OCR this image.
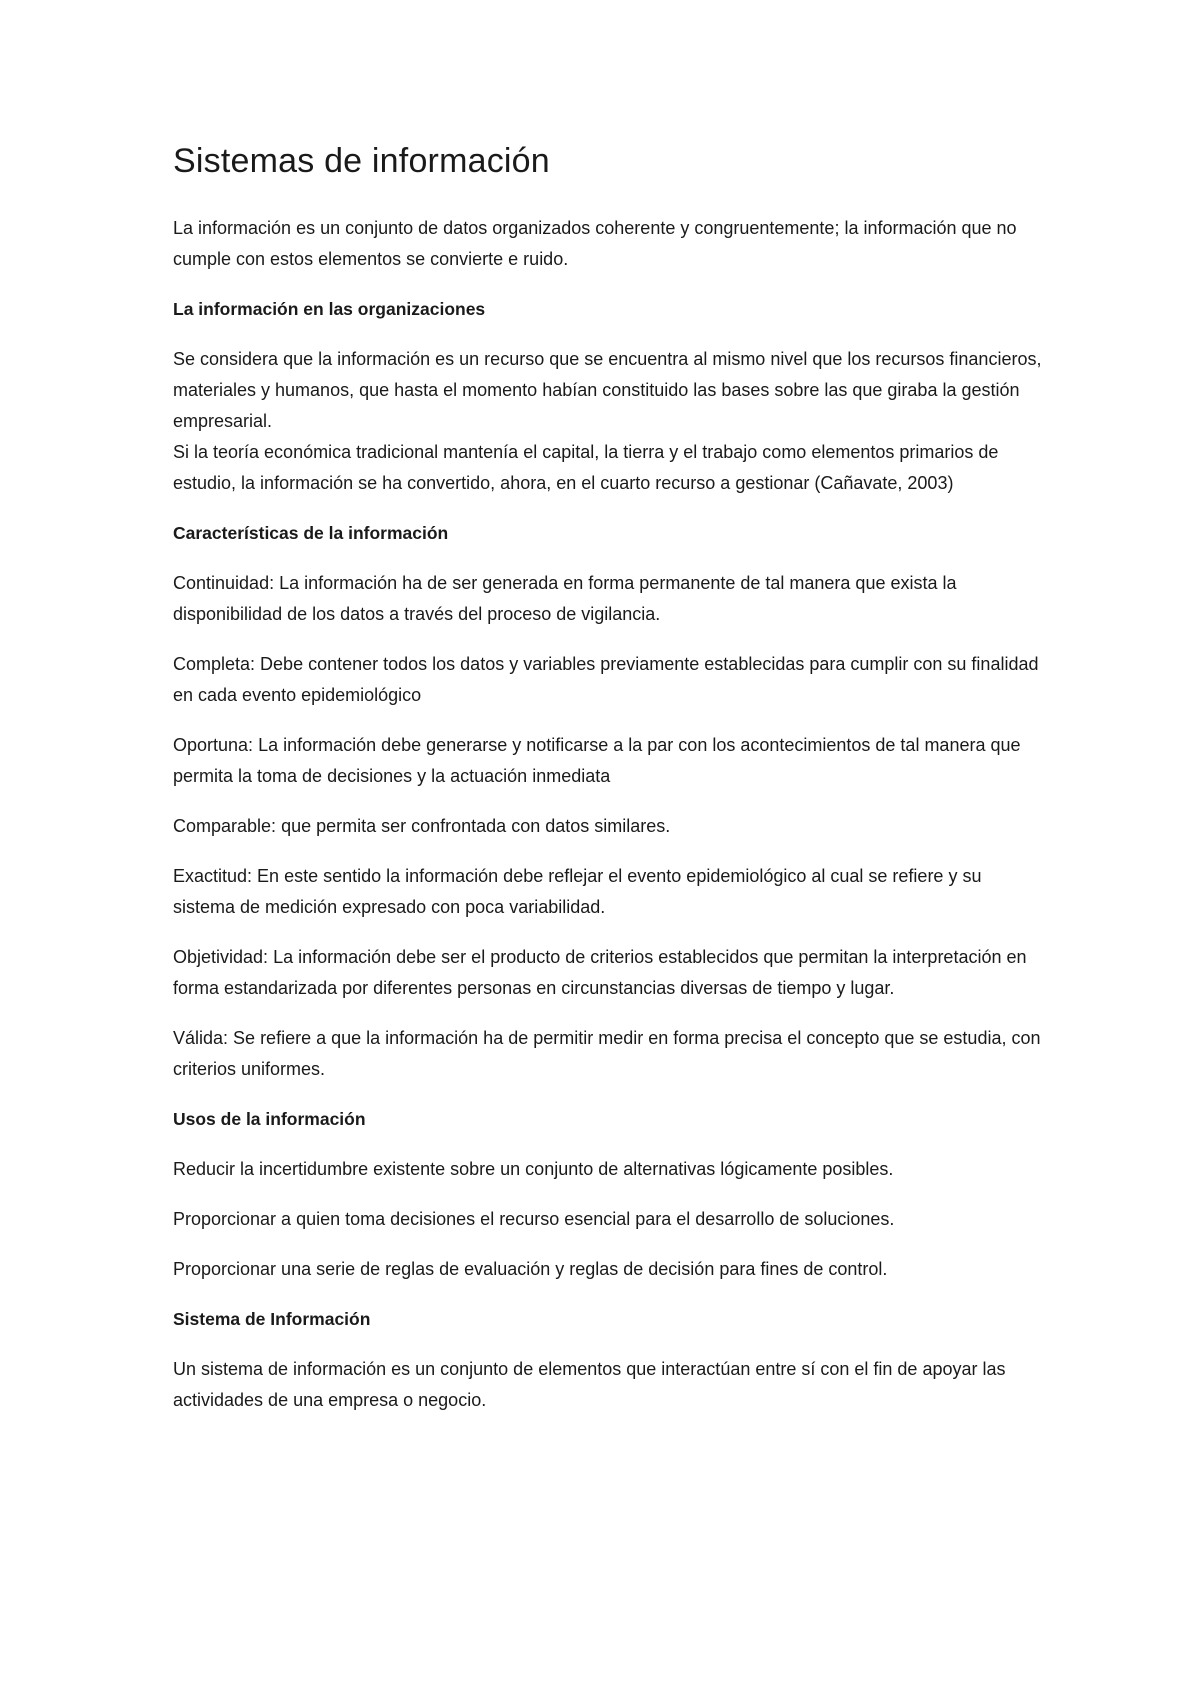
Sistemas de información

La información es un conjunto de datos organizados coherente y congruentemente; la información que no cumple con estos elementos se convierte e ruido.

La información en las organizaciones

Se considera que la información es un recurso que se encuentra al mismo nivel que los recursos financieros, materiales y humanos, que hasta el momento habían constituido las bases sobre las que giraba la gestión empresarial.

Si la teoría económica tradicional mantenía el capital, la tierra y el trabajo como elementos primarios de estudio, la información se ha convertido, ahora, en el cuarto recurso a gestionar (Cañavate, 2003)

Características de la información

Continuidad: La información ha de ser generada en forma permanente de tal manera que exista la disponibilidad de los datos a través del proceso de vigilancia.

Completa: Debe contener todos los datos y variables previamente establecidas para cumplir con su finalidad en cada evento epidemiológico

Oportuna: La información debe generarse y notificarse a la par con los acontecimientos de tal manera que permita la toma de decisiones y la actuación inmediata

Comparable: que permita ser confrontada con datos similares.

Exactitud: En este sentido la información debe reflejar el evento epidemiológico al cual se refiere y su sistema de medición expresado con poca variabilidad.

Objetividad: La información debe ser el producto de criterios establecidos que permitan la interpretación en forma estandarizada por diferentes personas en circunstancias diversas de tiempo y lugar.

Válida: Se refiere a que la información ha de permitir medir en forma precisa el concepto que se estudia, con criterios uniformes.

Usos de la información

Reducir la incertidumbre existente sobre un conjunto de alternativas lógicamente posibles.

Proporcionar a quien toma decisiones el recurso esencial para el desarrollo de soluciones.

Proporcionar una serie de reglas de evaluación y reglas de decisión para fines de control.

Sistema de Información

Un sistema de información es un conjunto de elementos que interactúan entre sí con el fin de apoyar las actividades de una empresa o negocio.
